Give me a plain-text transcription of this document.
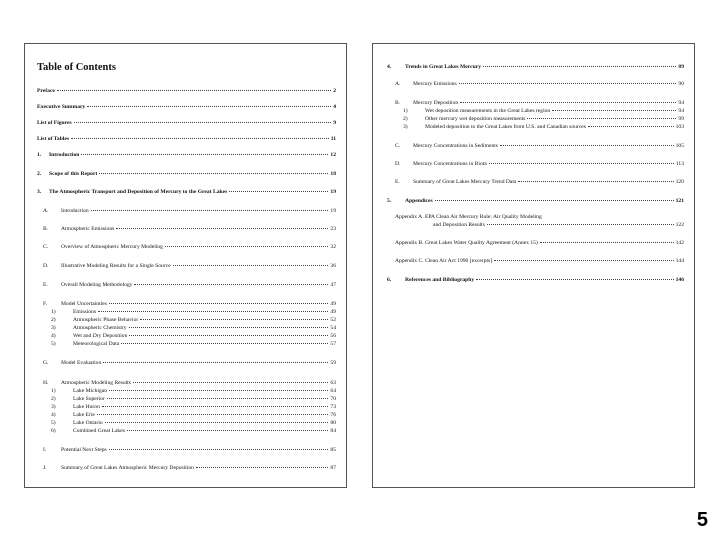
Table of Contents
Preface	2
Executive Summary	4
List of Figures	9
List of Tables	11
1.	Introduction	12
2.	Scope of this Report	18
3.	The Atmospheric Transport and Deposition of Mercury to the Great Lakes	19
A.	Introduction	19
B.	Atmospheric Emissions	23
C.	Overview of Atmospheric Mercury Modeling	32
D.	Illustrative Modeling Results for a Single Source	36
E.	Overall Modeling Methodology	47
F.	Model Uncertainties	49
1)	Emissions	49
2)	Atmospheric Phase Behavior	52
3)	Atmospheric Chemistry	54
4)	Wet and Dry Deposition	56
5)	Meteorological Data	57
G.	Model Evaluation	59
H.	Atmospheric Modeling Results	63
1)	Lake Michigan	64
2)	Lake Superior	70
3)	Lake Huron	73
4)	Lake Erie	76
5)	Lake Ontario	80
6)	Combined Great Lakes	84
I.	Potential Next Steps	85
J.	Summary of Great Lakes Atmospheric Mercury Deposition	87
4.	Trends in Great Lakes Mercury	89
A.	Mercury Emissions	90
B.	Mercury Deposition	94
1)	Wet deposition measurements in the Great Lakes region	94
2)	Other mercury wet deposition measurements	99
3)	Modeled deposition to the Great Lakes from U.S. and Canadian sources	103
C.	Mercury Concentrations in Sediments	105
D.	Mercury Concentrations in Biota	113
E.	Summary of Great Lakes Mercury Trend Data	120
5.	Appendices	121
Appendix A. EPA Clean Air Mercury Rule: Air Quality Modeling
and Deposition Results	122
Appendix B. Great Lakes Water Quality Agreement (Annex 15)	142
Appendix C. Clean Air Act 1990 [excerpts]	144
6.	References and Bibliography	146
5
